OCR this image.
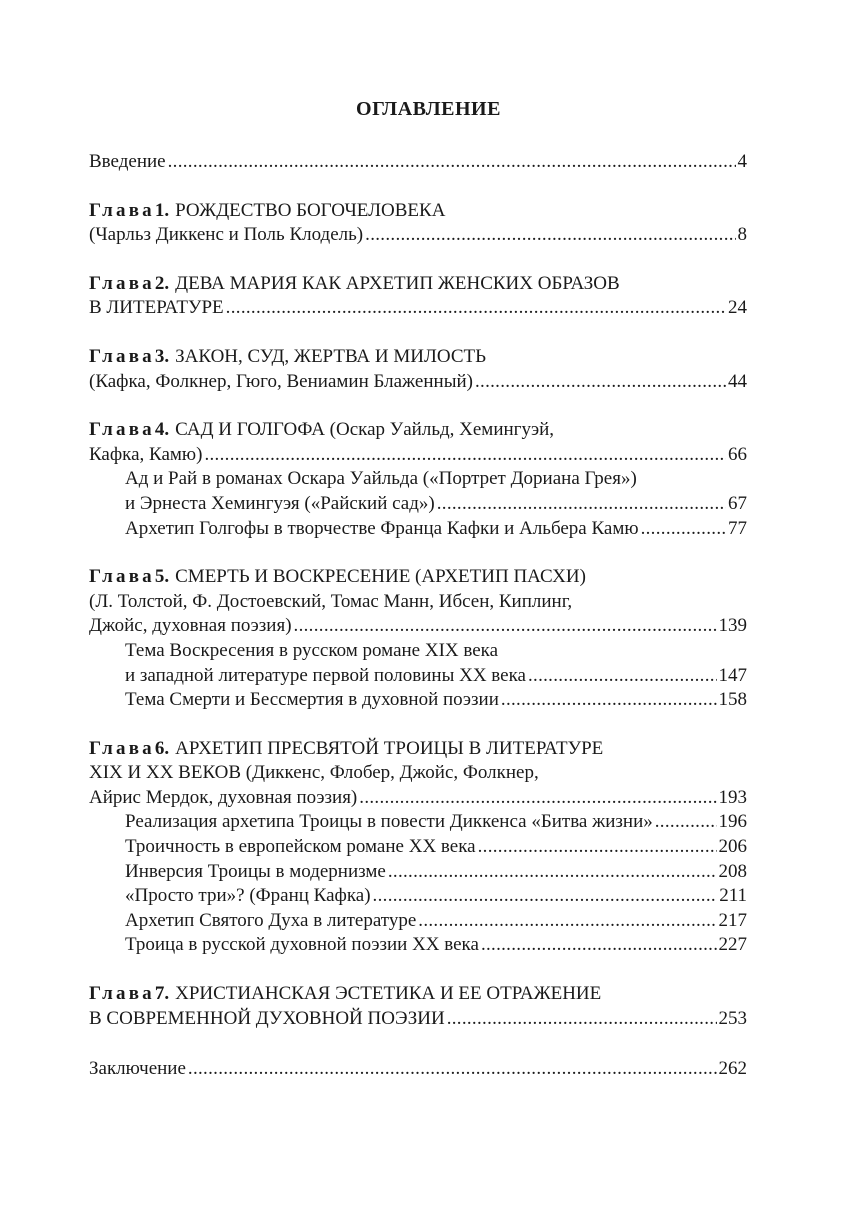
ОГЛАВЛЕНИЕ
Введение .....	4
Глава 1. РОЖДЕСТВО БОГОЧЕЛОВЕКА
(Чарльз Диккенс и Поль Клодель) .....	8
Глава 2. ДЕВА МАРИЯ КАК АРХЕТИП ЖЕНСКИХ ОБРАЗОВ
В ЛИТЕРАТУРЕ .....	24
Глава 3. ЗАКОН, СУД, ЖЕРТВА И МИЛОСТЬ
(Кафка, Фолкнер, Гюго, Вениамин Блаженный) .....	44
Глава 4. САД И ГОЛГОФА (Оскар Уайльд, Хемингуэй,
Кафка, Камю) .....	66
Ад и Рай в романах Оскара Уайльда («Портрет Дориана Грея»)
и Эрнеста Хемингуэя («Райский сад») .....	67
Архетип Голгофы в творчестве Франца Кафки и Альбера Камю .....	77
Глава 5. СМЕРТЬ И ВОСКРЕСЕНИЕ (АРХЕТИП ПАСХИ)
(Л. Толстой, Ф. Достоевский, Томас Манн, Ибсен, Киплинг,
Джойс, духовная поэзия) .....	139
Тема Воскресения в русском романе XIX века
и западной литературе первой половины XX века .....	147
Тема Смерти и Бессмертия в духовной поэзии .....	158
Глава 6. АРХЕТИП ПРЕСВЯТОЙ ТРОИЦЫ В ЛИТЕРАТУРЕ
XIX И XX ВЕКОВ (Диккенс, Флобер, Джойс, Фолкнер,
Айрис Мердок, духовная поэзия) .....	193
Реализация архетипа Троицы в повести Диккенса «Битва жизни» .....	196
Троичность в европейском романе XX века .....	206
Инверсия Троицы в модернизме .....	208
«Просто три»? (Франц Кафка) .....	211
Архетип Святого Духа в литературе .....	217
Троица в русской духовной поэзии XX века .....	227
Глава 7. ХРИСТИАНСКАЯ ЭСТЕТИКА И ЕЕ ОТРАЖЕНИЕ
В СОВРЕМЕННОЙ ДУХОВНОЙ ПОЭЗИИ .....	253
Заключение .....	262
